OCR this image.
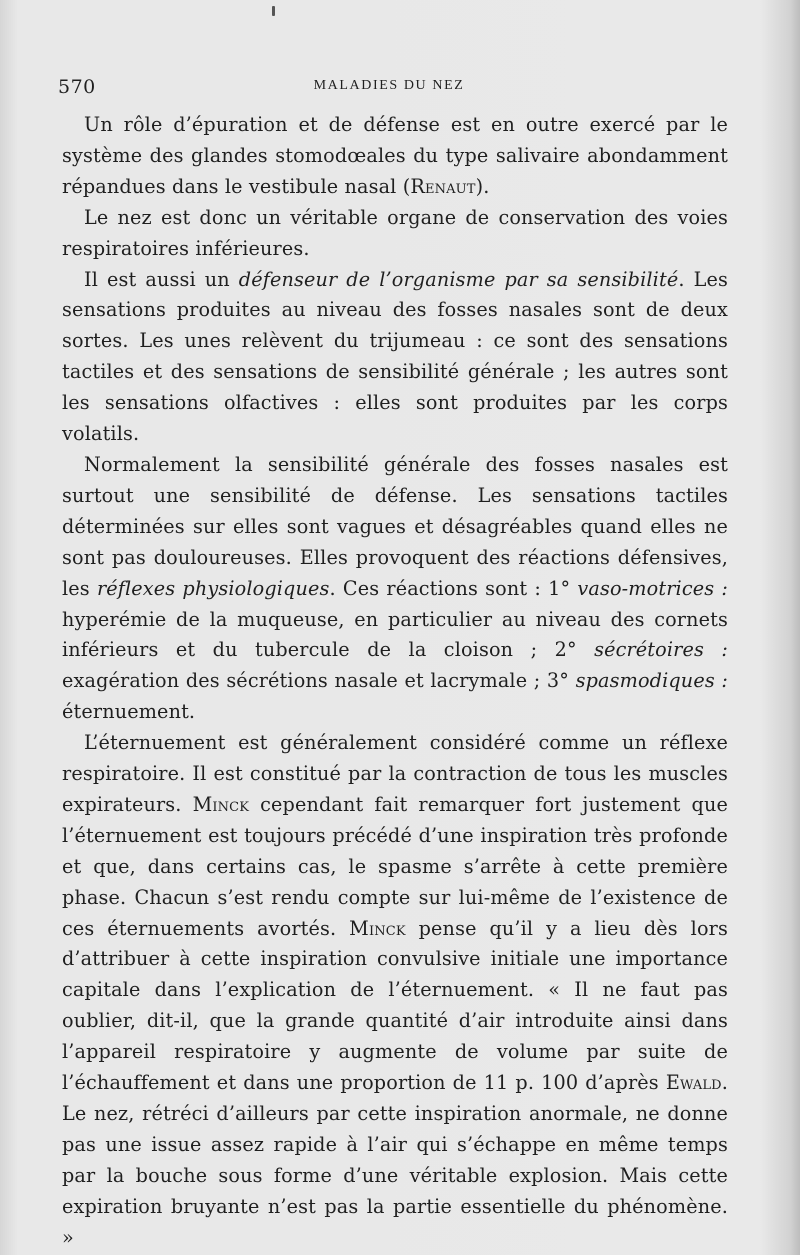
570	MALADIES DU NEZ

Un rôle d’épuration et de défense est en outre exercé par le système des glandes stomodœales du type salivaire abondamment répandues dans le vestibule nasal (Renaut).

Le nez est donc un véritable organe de conservation des voies respiratoires inférieures.

Il est aussi un défenseur de l’organisme par sa sensibilité. Les sensations produites au niveau des fosses nasales sont de deux sortes. Les unes relèvent du trijumeau : ce sont des sensations tactiles et des sensations de sensibilité générale ; les autres sont les sensations olfactives : elles sont produites par les corps volatils.

Normalement la sensibilité générale des fosses nasales est surtout une sensibilité de défense. Les sensations tactiles déterminées sur elles sont vagues et désagréables quand elles ne sont pas douloureuses. Elles provoquent des réactions défensives, les réflexes physiologiques. Ces réactions sont : 1° vaso-motrices : hyperémie de la muqueuse, en particulier au niveau des cornets inférieurs et du tubercule de la cloison ; 2° sécrétoires : exagération des sécrétions nasale et lacrymale ; 3° spasmodiques : éternuement.

L’éternuement est généralement considéré comme un réflexe respiratoire. Il est constitué par la contraction de tous les muscles expirateurs. Minck cependant fait remarquer fort justement que l’éternuement est toujours précédé d’une inspiration très profonde et que, dans certains cas, le spasme s’arrête à cette première phase. Chacun s’est rendu compte sur lui-même de l’existence de ces éternuements avortés. Minck pense qu’il y a lieu dès lors d’attribuer à cette inspiration convulsive initiale une importance capitale dans l’explication de l’éternuement. « Il ne faut pas oublier, dit-il, que la grande quantité d’air introduite ainsi dans l’appareil respiratoire y augmente de volume par suite de l’échauffement et dans une proportion de 11 p. 100 d’après Ewald. Le nez, rétréci d’ailleurs par cette inspiration anormale, ne donne pas une issue assez rapide à l’air qui s’échappe en même temps par la bouche sous forme d’une véritable explosion. Mais cette expiration bruyante n’est pas la partie essentielle du phénomène. »
